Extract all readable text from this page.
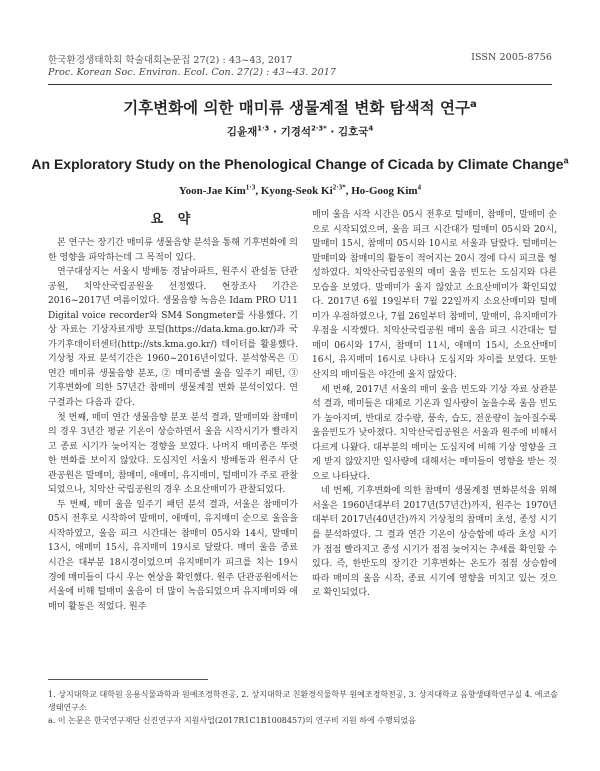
한국환경생태학회 학술대회논문집 27(2) : 43~43, 2017
Proc. Korean Soc. Environ. Ecol. Con. 27(2) : 43~43. 2017
ISSN 2005-8756
기후변화에 의한 매미류 생물계절 변화 탐색적 연구$^a$
김윤재$^{1\cdot 3}$ · 기경석$^{2\cdot 3*}$ · 김호국$^4$
An Exploratory Study on the Phenological Change of Cicada by Climate Change$^a$
Yoon-Jae Kim$^{1\cdot 3}$, Kyong-Seok $Ki^{2\cdot 3*}$, Ho-Goog Kim$^4$
요 약

본 연구는 장기간 매미류 생물음향 분석을 통해 기후변화에 의한 영향을 파악하는데 그 목적이 있다.

연구대상지는 서울시 방배동 경남아파트, 원주시 관설동 단관공원, 치악산국립공원을 선정했다. 현장조사 기간은 2016~2017년 여름이었다. 생물음향 녹음은 Idam PRO U11 Digital voice recorder와 SM4 Songmeter를 사용했다. 기상 자료는 기상자료개방 포털(https://data.kma.go.kr/)과 국가기후데이터센터(http://sts.kma.go.kr/) 데이터를 활용했다. 기상청 자료 분석기간은 1960~2016년이었다. 분석항목은 ① 연간 매미류 생물음향 분포, ② 매미종별 울음 일주기 패턴, ③ 기후변화에 의한 57년간 참매미 생물계절 변화 분석이었다. 연구결과는 다음과 같다.

첫 번째, 매미 연간 생물음향 분포 분석 결과, 말매미와 참매미의 경우 3년간 평균 기온이 상승하면서 울음 시작시기가 빨라지고 종료 시기가 늦어지는 경향을 보였다. 나머지 매미종은 뚜렷한 변화를 보이지 않았다. 도심지인 서울시 방배동과 원주시 단관공원은 말매미, 참매미, 애매미, 유지매미, 털매미가 주로 관찰되었으나, 치악산 국립공원의 경우 소요산매미가 관찰되었다.

두 번째, 매미 울음 일주기 패턴 분석 결과, 서울은 참매미가 05시 전후로 시작하여 말매미, 애매미, 유지매미 순으로 울음을 시작하였고, 울음 피크 시간대는 참매미 05시와 14시, 말매미 13시, 애매미 15시, 유지매미 19시로 달랐다. 매미 울음 종료 시간은 대부분 18시경이었으며 유지매미가 피크를 치는 19시 경에 매미들이 다시 우는 현상을 확인했다. 원주 단관공원에서는 서울에 비해 털매미 울음이 더 많이 녹음되었으며 유지매미와 애매미 활동은 적었다. 원주

매미 울음 시작 시간은 05시 전후로 털매미, 참매미, 말매미 순으로 시작되었으며, 울음 피크 시간대가 털매미 05시와 20시, 말매미 15시, 참매미 05시와 10시로 서울과 달랐다. 털매미는 말매미와 참매미의 활동이 적어지는 20시 경에 다시 피크를 형성하였다. 치악산국립공원의 매미 울음 빈도는 도심지와 다른 모습을 보였다. 말매미가 울지 않았고 소요산매미가 확인되었다. 2017년 6월 19일부터 7월 22일까지 소요산매미와 털매미가 우점하였으나, 7월 26일부터 참매미, 말매미, 유지매미가 우점을 시작했다. 치악산국립공원 매미 울음 피크 시간대는 털매미 06시와 17시, 참매미 11시, 애매미 15시, 소요산매미 16시, 유지매미 16시로 나타나 도심지와 차이를 보였다. 또한 산지의 매미들은 야간에 울지 않았다.

세 번째, 2017년 서울의 매미 울음 빈도와 기상 자료 상관분석 결과, 매미들은 대체로 기온과 일사량이 높을수록 울음 빈도가 높아지며, 반대로 강수량, 풍속, 습도, 전운량이 높아질수록 울음빈도가 낮아졌다. 치악산국립공원은 서울과 원주에 비해서 다르게 나왔다. 대부분의 매미는 도심지에 비해 기상 영향을 크게 받지 않았지만 일사량에 대해서는 매미들이 영향을 받는 것으로 나타났다.

네 번째, 기후변화에 의한 참매미 생물계절 변화분석을 위해 서울은 1960년대부터 2017년(57년간)까지, 원주는 1970년대부터 2017년(40년간)까지 기상청의 참매미 초성, 종성 시기를 분석하였다. 그 결과 연간 기온이 상승함에 따라 초성 시기가 점점 빨라지고 종성 시기가 점점 늦어지는 추세를 확인할 수 있다. 즉, 한반도의 장기간 기후변화는 온도가 점점 상승함에 따라 매미의 울음 시작, 종료 시기에 영향을 미치고 있는 것으로 확인되었다.

1. 상지대학교 대학원 응용식물과학과 원예조경학전공, 2. 상지대학교 친환경식물학부 원예조경학전공, 3. 상지대학교 음향생태학연구실 4. 에코솔 생태연구소
a. 이 논문은 한국연구재단 신진연구자 지원사업(2017R1C1B1008457)의 연구비 지원 하에 수행되었음
